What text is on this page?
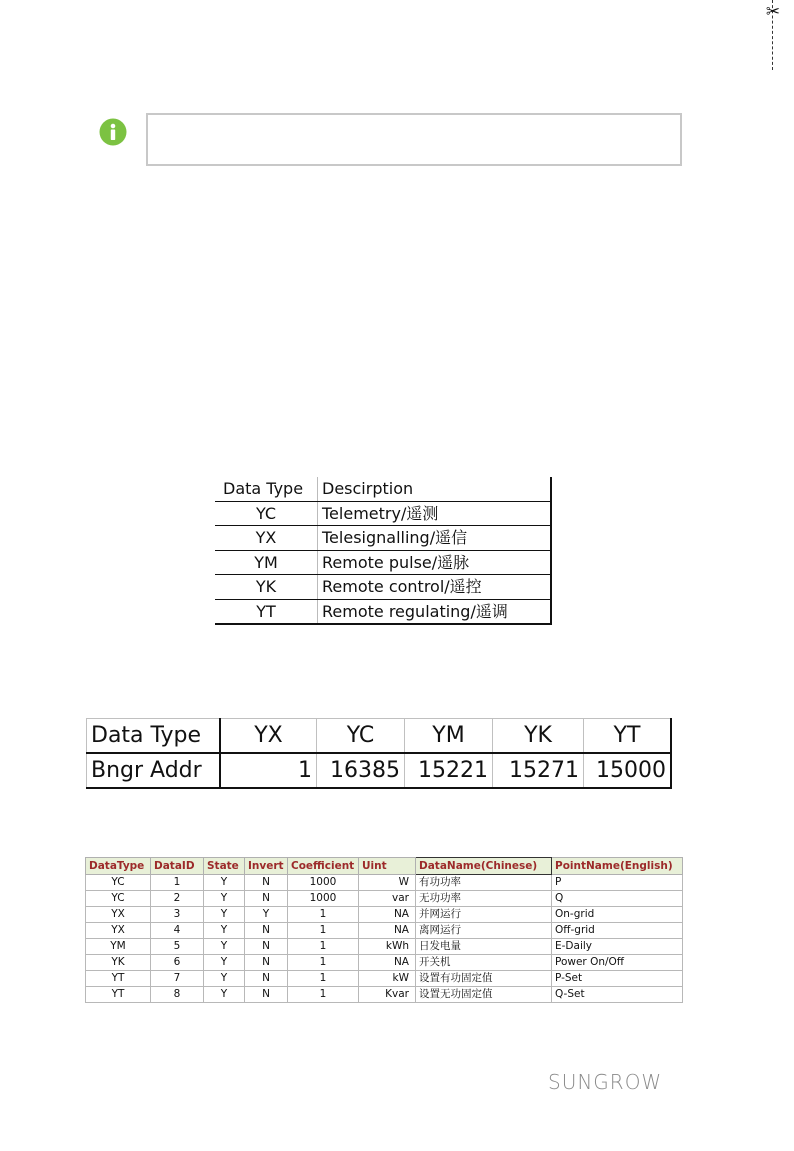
✂
Data Type	Descirption
YC	Telemetry/遥测
YX	Telesignalling/遥信
YM	Remote pulse/遥脉
YK	Remote control/遥控
YT	Remote regulating/遥调
Data Type	YX	YC	YM	YK	YT
Bngr Addr	1	16385	15221	15271	15000
DataType	DataID	State	Invert	Coefficient	Uint	DataName(Chinese)	PointName(English)
YC	1	Y	N	1000	W	有功功率	P
YC	2	Y	N	1000	var	无功功率	Q
YX	3	Y	Y	1	NA	并网运行	On-grid
YX	4	Y	N	1	NA	离网运行	Off-grid
YM	5	Y	N	1	kWh	日发电量	E-Daily
YK	6	Y	N	1	NA	开关机	Power On/Off
YT	7	Y	N	1	kW	设置有功固定值	P-Set
YT	8	Y	N	1	Kvar	设置无功固定值	Q-Set
SUNGROW
